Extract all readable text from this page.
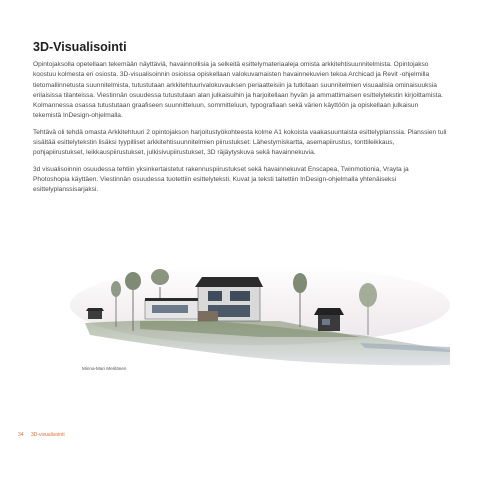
3D-Visualisointi

Opintojaksolla opetellaan tekemään näyttäviä, havainnollisia ja selkeitä esittelymateriaaleja omista arkkitehtisuunnitelmista. Opintojakso koostuu kolmesta eri osiosta. 3D-visualisoinnin osioissa opiskellaan valokuvamaisten havainnekuvien tekoa Archicad ja Revit -ohjelmilla tietomallinnetusta suunnitelmista, tutustutaan arkkitehtuurivalokuvauksen periaatteisiin ja tutkitaan suunnitelmien visuaalisia ominaisuuksia erilaisissa tilanteissa. Viestinnän osuudessa tutustutaan alan julkaisuihin ja harjoitellaan hyvän ja ammattimaisen esittelytekstin kirjoittamista. Kolmannessa osassa tutustutaan graafiseen suunnitteluun, sommitteluun, typografiaan sekä värien käyttöön ja opiskellaan julkaisun tekemistä InDesign-ohjelmalla.

Tehtävä oli tehdä omasta Arkkitehtuuri 2 opintojakson harjoitustyökohteesta kolme A1 kokoista vaakasuuntaista esittelyplanssia. Planssien tuli sisältää esittelytekstin lisäksi tyypilliset arkkitehtisuunnitelmien piirustukset: Lähestymiskartta, asemapiirustus, tonttileikkaus, pohjapiirustukset, leikkauspiirustukset, julkisivupiirustukset, 3D räjäytyskuva sekä havainnekuvia.

3d visualisoinnin osuudessa tehtiin yksinkertaistetut rakennuspiirustukset sekä havainnekuvat Enscapea, Twinmotionia, Vrayta ja Photoshopia käyttäen. Viestinnän osuudessa tuotettiin esittelyteksti. Kuvat ja teksti taitettiin InDesign-ohjelmalla yhtenäiseksi esittelyplanssisarjaksi.

Minna-Mari Merilänen
34 3D-visualisointi
